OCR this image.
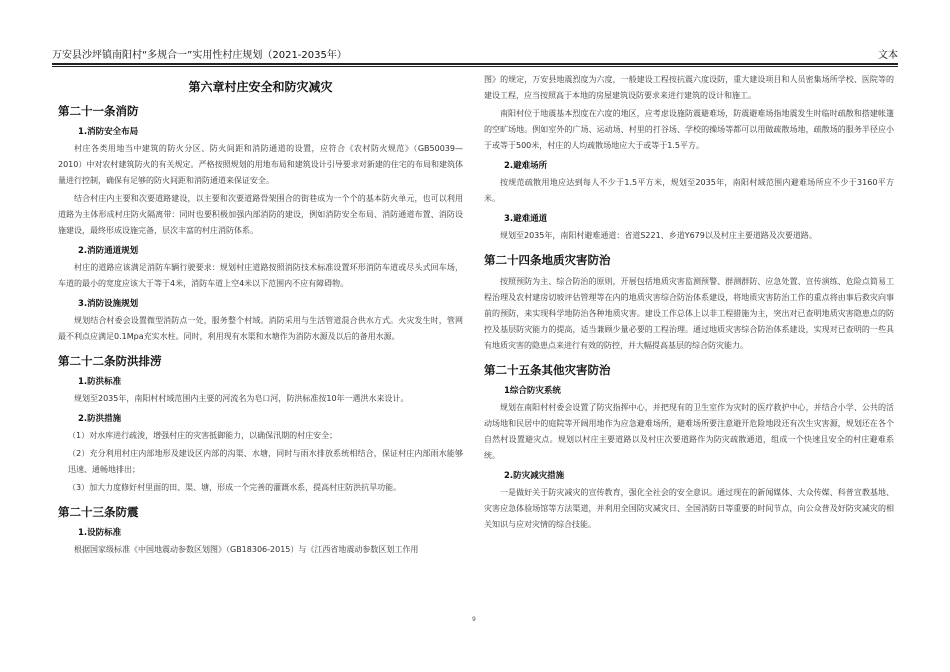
万安县沙坪镇南阳村“多规合一”实用性村庄规划（2021-2035年）	文本
第六章村庄安全和防灾减灾
第二十一条消防
1.消防安全布局

村庄各类用地当中建筑的防火分区、防火间距和消防通道的设置，应符合《农村防火规范》（GB50039—2010）中对农村建筑防火的有关规定。严格按照规划的用地布局和建筑设计引导要求对新建的住宅的布局和建筑体量进行控制，确保有足够的防火间距和消防通道来保证安全。

结合村庄内主要和次要道路建设，以主要和次要道路骨架围合的街巷成为一个个的基本防火单元，也可以利用道路为主体形成村庄防火隔离带：同时也要积极加强内部消防的建设，例如消防安全布局、消防通道布置、消防设施建设，最终形成设施完备，层次丰富的村庄消防体系。

2.消防通道规划

村庄的道路应该满足消防车辆行驶要求：规划村庄道路按照消防技术标准设置环形消防车道或尽头式回车场，车道的最小的宽度应该大于等于4米，消防车道上空4米以下范围内不应有障碍物。

3.消防设施规划

规划结合村委会设置微型消防点一处，服务整个村域。消防采用与生活管道混合供水方式。火灾发生时，管网最不利点应满足0.1Mpa充实水柱。同时，利用现有水渠和水塘作为消防水源及以后的备用水源。

第二十二条防洪排涝
1.防洪标准

规划至2035年，南阳村村域范围内主要的河流名为皂口河，防洪标准按10年一遇洪水来设计。

2.防洪措施

（1）对水库进行疏浚，增强村庄的灾害抵御能力，以确保汛期的村庄安全；

（2）充分利用村庄内部地形及建设区内部的沟渠、水塘，同时与雨水排放系统相结合，保证村庄内部雨水能够迅速、通畅地排出；

（3）加大力度修好村里面的田、渠、塘，形成一个完善的灌溉水系，提高村庄防洪抗旱功能。

第二十三条防震
1.设防标准

根据国家级标准《中国地震动参数区划图》（GB18306-2015）与《江西省地震动参数区划工作用

图》的规定，万安县地震烈度为六度，一般建设工程按抗震六度设防，重大建设项目和人员密集场所学校、医院等的建设工程，应当按照高于本地的房屋建筑设防要求来进行建筑的设计和施工。

南阳村位于地震基本烈度在六度的地区，应考虑设施防震避难场，防震避难场指地震发生时临时疏散和搭建帐篷的空旷场地。例如室外的广场、运动场、村里的打谷场、学校的操场等都可以用做疏散场地，疏散场的服务半径应小于或等于500米，村庄的人均疏散场地应大于或等于1.5平方。

2.避难场所

按规范疏散用地应达到每人不少于1.5平方米，规划至2035年，南阳村域范围内避难场所应不少于3160平方米。

3.避难通道

规划至2035年，南阳村避难通道：省道S221、乡道Y679以及村庄主要道路及次要道路。

第二十四条地质灾害防治

按照预防为主、综合防治的原则，开展包括地质灾害监测预警、群测群防、应急处置、宣传演练、危险点简易工程治理及农村建房切坡评估管理等在内的地质灾害综合防治体系建设，将地质灾害防治工作的重点将由事后救灾向事前的预防，来实现科学地防治各种地质灾害。建设工作总体上以非工程措施为主，突出对已查明地质灾害隐患点的防控及基层防灾能力的提高，适当兼顾少量必要的工程治理。通过地质灾害综合防治体系建设，实现对已查明的一些具有地质灾害的隐患点来进行有效的防控，并大幅提高基层的综合防灾能力。

第二十五条其他灾害防治
1综合防灾系统

规划在南阳村村委会设置了防灾指挥中心，并把现有的卫生室作为灾时的医疗救护中心，并结合小学、公共的活动场地和民居中的庭院等开阔用地作为应急避难场所，避难场所要注意避开危险地段还有次生灾害源，规划还在各个自然村设置避灾点。规划以村庄主要道路以及村庄次要道路作为防灾疏散通道，组成一个快速且安全的村庄避难系统。

2.防灾减灾措施

一是做好关于防灾减灾的宣传教育，强化全社会的安全意识。通过现在的新闻媒体、大众传媒、科普宣教基地、灾害应急体验场馆等方法渠道，并利用全国防灾减灾日、全国消防日等重要的时间节点，向公众普及好防灾减灾的相关知识与应对灾情的综合技能。

9
